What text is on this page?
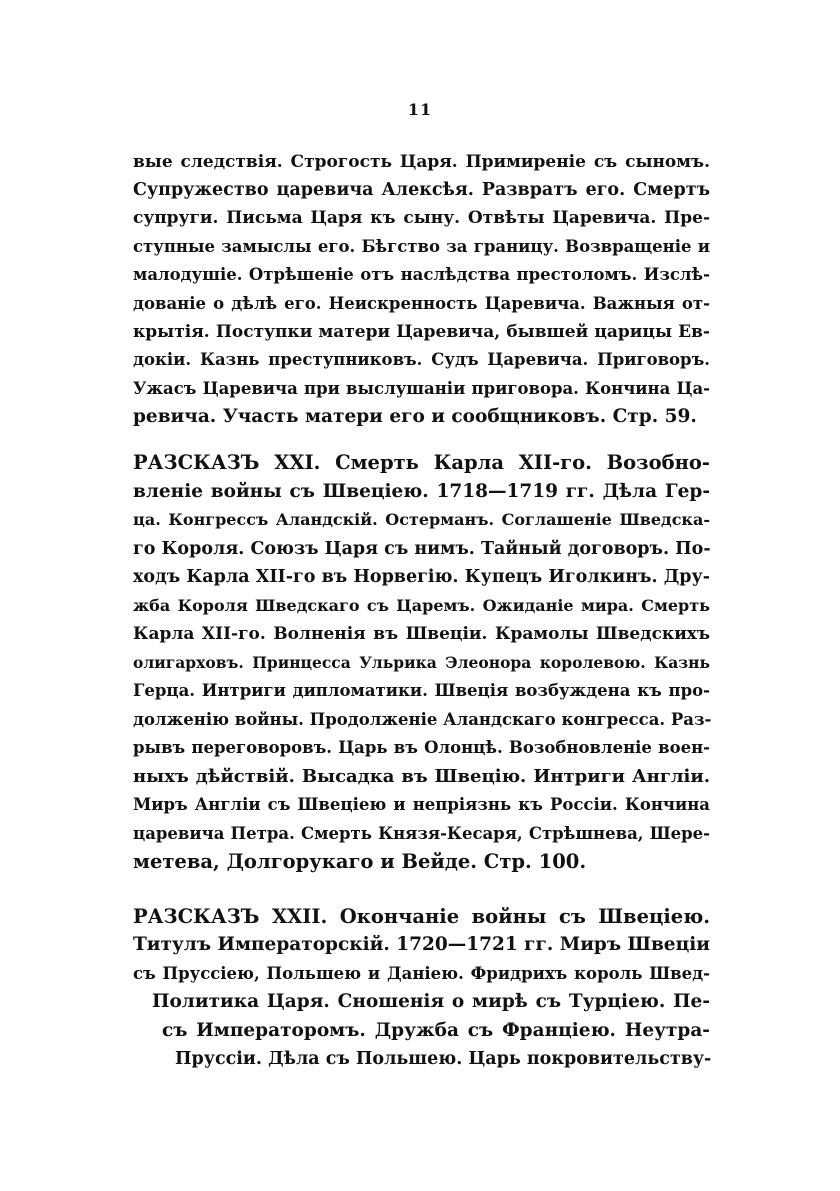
11
вые следствія. Строгость Царя. Примиреніе съ сыномъ.
Супружество царевича Алексѣя. Развратъ его. Смертъ
супруги. Письма Царя къ сыну. Отвѣты Царевича. Пре-
ступные замыслы его. Бѣгство за границу. Возвращеніе и
малодушіе. Отрѣшеніе отъ наслѣдства престоломъ. Изслѣ-
дованіе о дѣлѣ его. Неискренность Царевича. Важныя от-
крытія. Поступки матери Царевича, бывшей царицы Ев-
докіи. Казнь преступниковъ. Судъ Царевича. Приговоръ.
Ужасъ Царевича при выслушаніи приговора. Кончина Ца-
ревича. Участь матери его и сообщниковъ. Стр. 59.
РАЗСКАЗЪ XXI. Смерть Карла XII-го. Возобно-
вленіе войны съ Швеціею. 1718—1719 гг. Дѣла Гер-
ца. Конгрессъ Аландскій. Остерманъ. Соглашеніе Шведска-
го Короля. Союзъ Царя съ нимъ. Тайный договоръ. По-
ходъ Карла XII-го въ Норвегію. Купецъ Иголкинъ. Дру-
жба Короля Шведскаго съ Царемъ. Ожиданіе мира. Смерть
Карла XII-го. Волненія въ Швеціи. Крамолы Шведскихъ
олигарховъ. Принцесса Ульрика Элеонора королевою. Казнь
Герца. Интриги дипломатики. Швеція возбуждена къ про-
долженію войны. Продолженіе Аландскаго конгресса. Раз-
рывъ переговоровъ. Царь въ Олонцѣ. Возобновленіе воен-
ныхъ дѣйствій. Высадка въ Швецію. Интриги Англіи.
Миръ Англіи съ Швеціею и непріязнь къ Россіи. Кончина
царевича Петра. Смерть Князя-Кесаря, Стрѣшнева, Шере-
метева, Долгорукаго и Вейде. Стр. 100.
РАЗСКАЗЪ XXII. Окончаніе войны съ Швеціею.
Титулъ Императорскій. 1720—1721 гг. Миръ Швеціи
съ Пруссіею, Польшею и Даніею. Фридрихъ король Швед-
Политика Царя. Сношенія о мирѣ съ Турціею. Пе-
съ Императоромъ. Дружба съ Франціею. Неутра-
Пруссіи. Дѣла съ Польшею. Царь покровительству-
